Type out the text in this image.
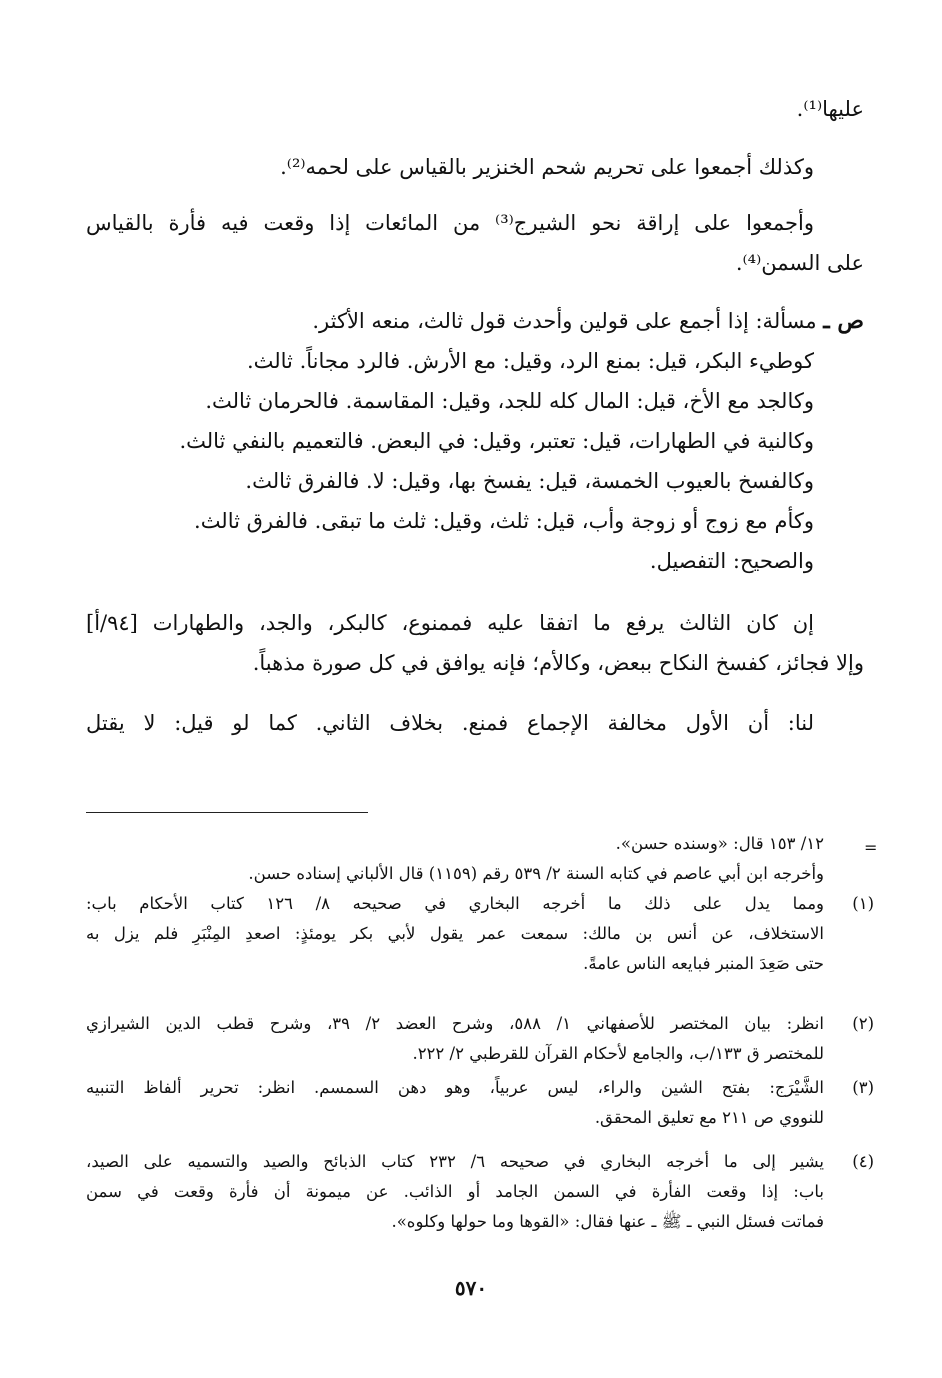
عليها⁽¹⁾.
وكذلك أجمعوا على تحريم شحم الخنزير بالقياس على لحمه⁽²⁾.
وأجمعوا على إراقة نحو الشيرج⁽³⁾ من المائعات إذا وقعت فيه فأرة بالقياس
على السمن⁽⁴⁾.
ص ـ مسألة: إذا أجمع على قولين وأحدث قول ثالث، منعه الأكثر.
كوطيء البكر، قيل: بمنع الرد، وقيل: مع الأرش. فالرد مجاناً. ثالث.
وكالجد مع الأخ، قيل: المال كله للجد، وقيل: المقاسمة. فالحرمان ثالث.
وكالنية في الطهارات، قيل: تعتبر، وقيل: في البعض. فالتعميم بالنفي ثالث.
وكالفسخ بالعيوب الخمسة، قيل: يفسخ بها، وقيل: لا. فالفرق ثالث.
وكأم مع زوج أو زوجة وأب، قيل: ثلث، وقيل: ثلث ما تبقى. فالفرق ثالث.
والصحيح: التفصيل.
إن كان الثالث يرفع ما اتفقا عليه فممنوع، كالبكر، والجد، والطهارات [٩٤/أ]
وإلا فجائز، كفسخ النكاح ببعض، وكالأم؛ فإنه يوافق في كل صورة مذهباً.
لنا: أن الأول مخالفة الإجماع فمنع. بخلاف الثاني. كما لو قيل: لا يقتل
=
١٢/ ١٥٣ قال: «وسنده حسن».
وأخرجه ابن أبي عاصم في كتابه السنة ٢/ ٥٣٩ رقم (١١٥٩) قال الألباني إسناده حسن.
(١)
ومما يدل على ذلك ما أخرجه البخاري في صحيحه ٨/ ١٢٦ كتاب الأحكام باب:
الاستخلاف، عن أنس بن مالك: سمعت عمر يقول لأبي بكر يومئذٍ: اصعدِ المِنْبَرِ فلم يزل به
حتى صَعِدَ المنبر فبايعه الناس عامةً.
(٢)
انظر: بيان المختصر للأصفهاني ١/ ٥٨٨، وشرح العضد ٢/ ٣٩، وشرح قطب الدين الشيرازي
للمختصر ق ١٣٣/ب، والجامع لأحكام القرآن للقرطبي ٢/ ٢٢٢.
(٣)
الشَّيْرَج: بفتح الشين والراء، ليس عربياً، وهو دهن السمسم. انظر: تحرير ألفاظ التنبيه
للنووي ص ٢١١ مع تعليق المحقق.
(٤)
يشير إلى ما أخرجه البخاري في صحيحه ٦/ ٢٣٢ كتاب الذبائح والصيد والتسميه على الصيد،
باب: إذا وقعت الفأرة في السمن الجامد أو الذائب. عن ميمونة أن فأرة وقعت في سمن
فماتت فسئل النبي ـ ﷺ ـ عنها فقال: «القوها وما حولها وكلوه».
٥٧٠
